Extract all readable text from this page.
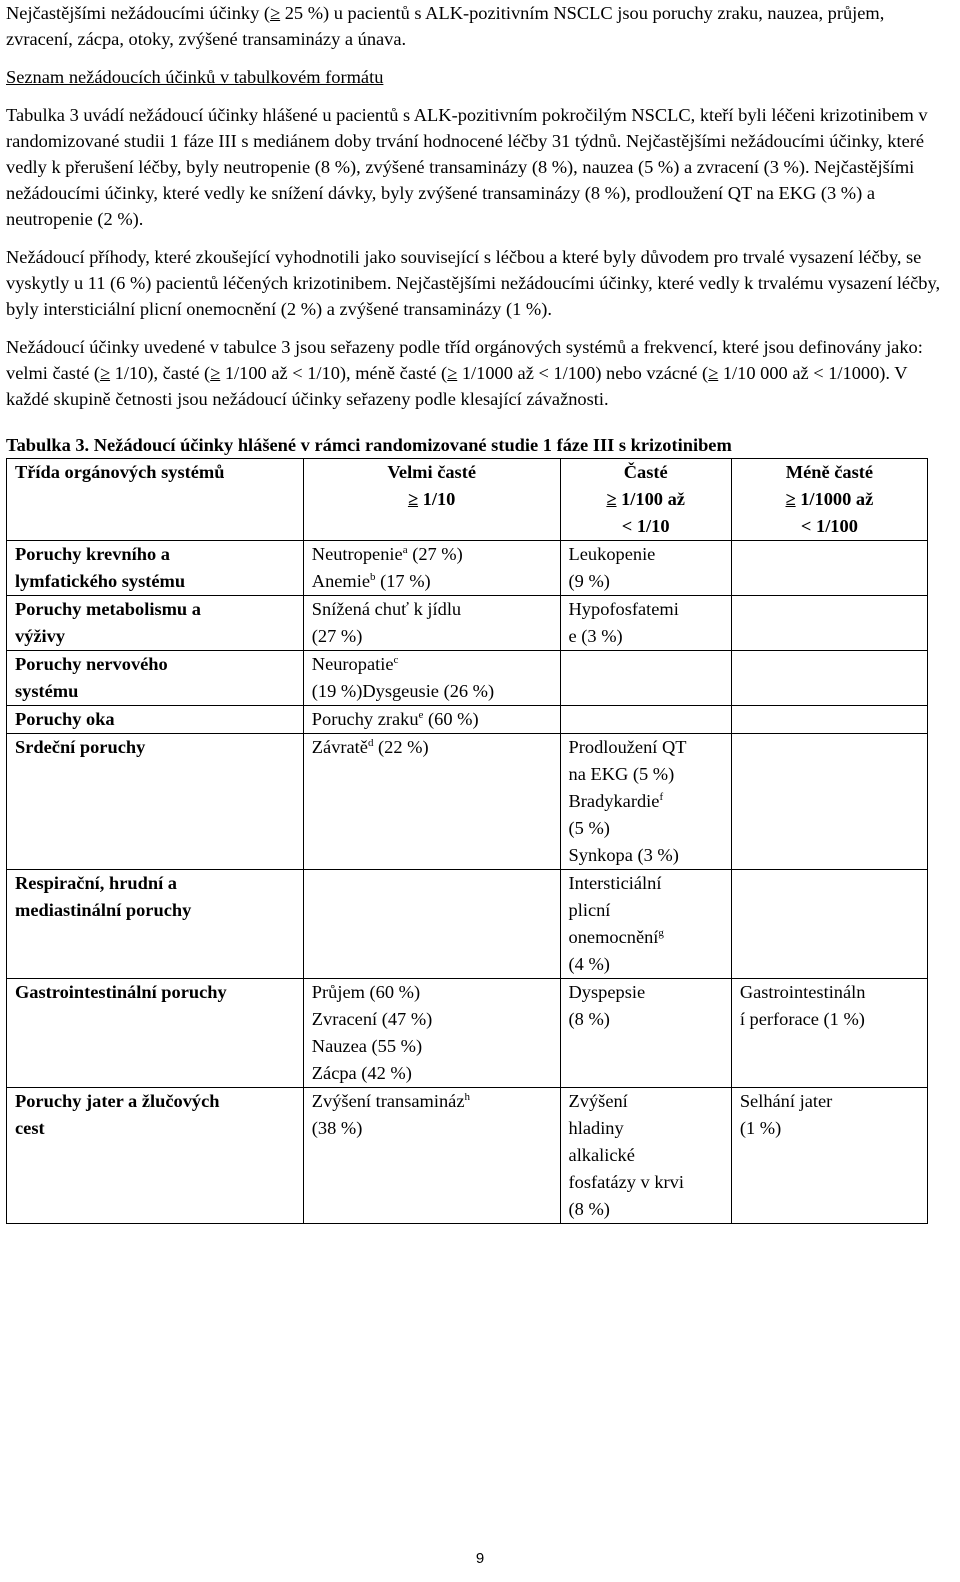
Nejčastějšími nežádoucími účinky (≥ 25 %) u pacientů s ALK-pozitivním NSCLC jsou poruchy zraku, nauzea, průjem, zvracení, zácpa, otoky, zvýšené transaminázy a únava.

Seznam nežádoucích účinků v tabulkovém formátu

Tabulka 3 uvádí nežádoucí účinky hlášené u pacientů s ALK-pozitivním pokročilým NSCLC, kteří byli léčeni krizotinibem v randomizované studii 1 fáze III s mediánem doby trvání hodnocené léčby 31 týdnů. Nejčastějšími nežádoucími účinky, které vedly k přerušení léčby, byly neutropenie (8 %), zvýšené transaminázy (8 %), nauzea (5 %) a zvracení (3 %). Nejčastějšími nežádoucími účinky, které vedly ke snížení dávky, byly zvýšené transaminázy (8 %), prodloužení QT na EKG (3 %) a neutropenie (2 %).

Nežádoucí příhody, které zkoušející vyhodnotili jako související s léčbou a které byly důvodem pro trvalé vysazení léčby, se vyskytly u 11 (6 %) pacientů léčených krizotinibem. Nejčastějšími nežádoucími účinky, které vedly k trvalému vysazení léčby, byly intersticiální plicní onemocnění (2 %) a zvýšené transaminázy (1 %).

Nežádoucí účinky uvedené v tabulce 3 jsou seřazeny podle tříd orgánových systémů a frekvencí, které jsou definovány jako: velmi časté (≥ 1/10), časté (≥ 1/100 až < 1/10), méně časté (≥ 1/1000 až < 1/100) nebo vzácné (≥ 1/10 000 až < 1/1000). V každé skupině četnosti jsou nežádoucí účinky seřazeny podle klesající závažnosti.

Tabulka 3. Nežádoucí účinky hlášené v rámci randomizované studie 1 fáze III s krizotinibem

Třída orgánových systémů	Velmi časté
≥ 1/10	Časté
≥ 1/100 až
< 1/10	Méně časté
≥ 1/1000 až
< 1/100

Poruchy krevního a
lymfatického systému	Neutropenie$^a$ (27 %)
Anemie$^b$ (17 %)	Leukopenie
(9 %)	

Poruchy metabolismu a
výživy	Snížená chuť k jídlu
(27 %)	Hypofosfatemi
e (3 %)	

Poruchy nervového
systému	Neuropatie$^c$
(19 %)Dysgeusie (26 %)		

Poruchy oka	Poruchy zraku$^e$ (60 %)		

Srdeční poruchy	Závratě$^d$ (22 %)	Prodloužení QT
na EKG (5 %)
Bradykardie$^f$
(5 %)
Synkopa (3 %)	

Respirační, hrudní a
mediastinální poruchy		Intersticiální
plicní
onemocnění$^g$
(4 %)	

Gastrointestinální poruchy	Průjem (60 %)
Zvracení (47 %)
Nauzea (55 %)
Zácpa (42 %)	Dyspepsie
(8 %)	Gastrointestináln
í perforace (1 %)

Poruchy jater a žlučových
cest	Zvýšení transamináz$^h$
(38 %)	Zvýšení
hladiny
alkalické
fosfatázy v krvi
(8 %)	Selhání jater
(1 %)
9
